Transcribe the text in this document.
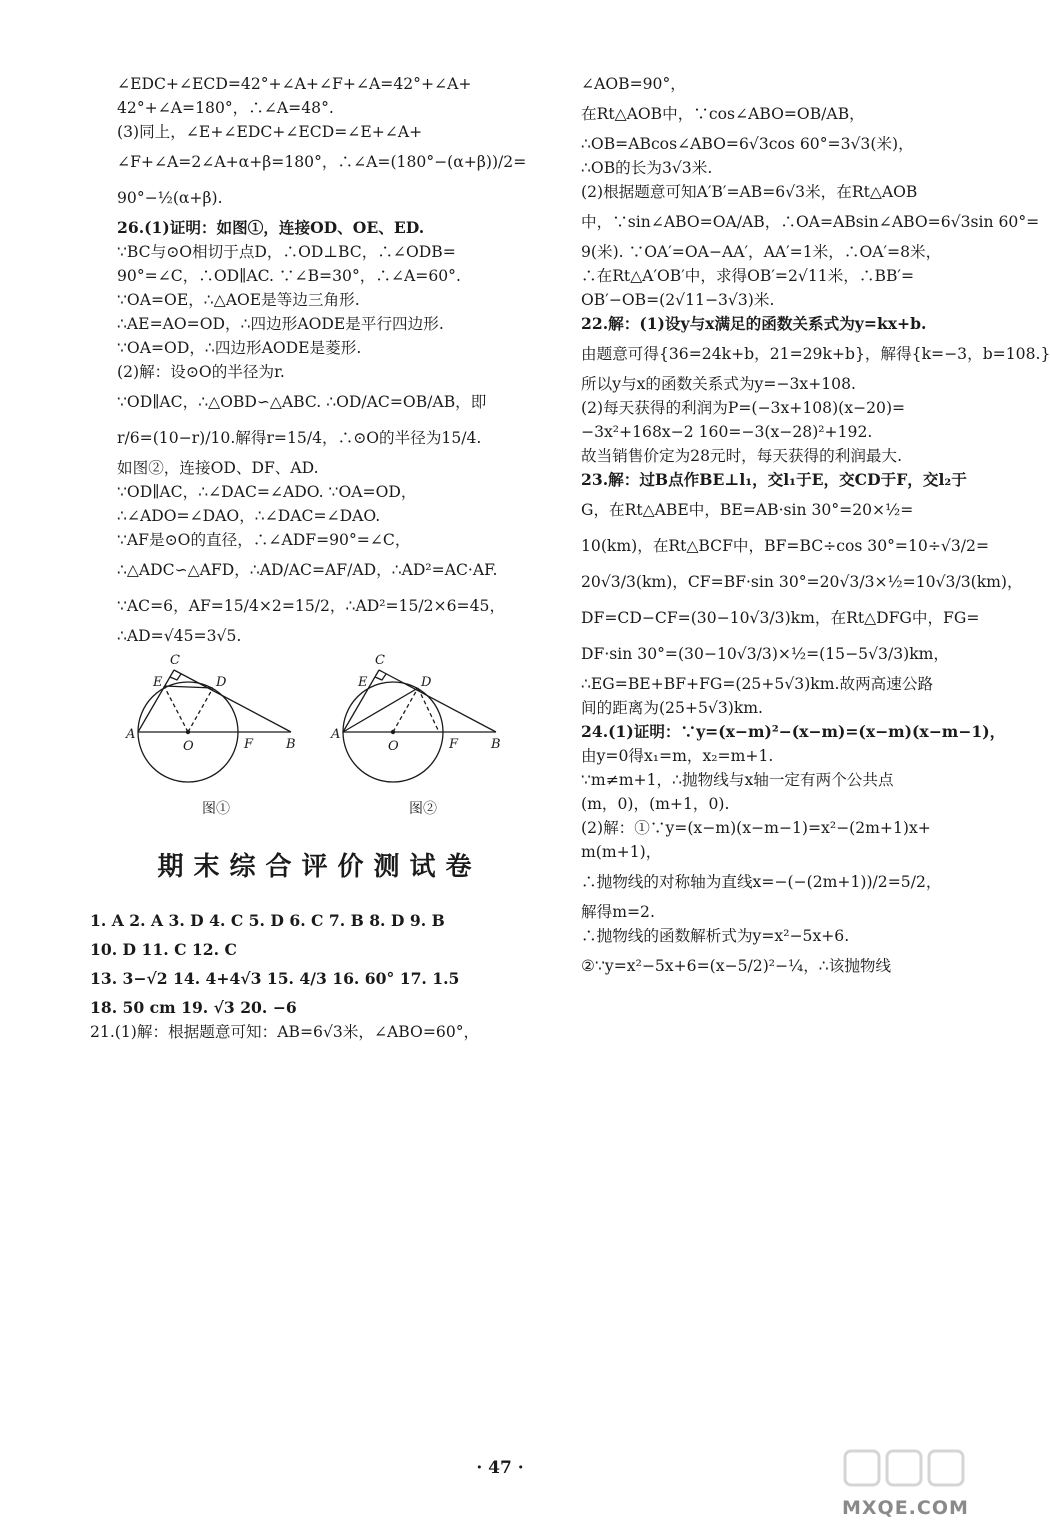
∠EDC+∠ECD=42°+∠A+∠F+∠A=42°+∠A+

42°+∠A=180°，∴∠A=48°.

(3)同上，∠E+∠EDC+∠ECD=∠E+∠A+

∠F+∠A=2∠A+α+β=180°，∴∠A=(180°−(α+β))/2=

90°−½(α+β).

26.(1)证明：如图①，连接OD、OE、ED.

∵BC与⊙O相切于点D，∴OD⊥BC，∴∠ODB=

90°=∠C，∴OD∥AC. ∵∠B=30°，∴∠A=60°.

∵OA=OE，∴△AOE是等边三角形.

∴AE=AO=OD，∴四边形AODE是平行四边形.

∵OA=OD，∴四边形AODE是菱形.

(2)解：设⊙O的半径为r.

∵OD∥AC，∴△OBD∽△ABC. ∴OD/AC=OB/AB，即

r/6=(10−r)/10.解得r=15/4，∴⊙O的半径为15/4.

如图②，连接OD、DF、AD.

∵OD∥AC，∴∠DAC=∠ADO. ∵OA=OD，

∴∠ADO=∠DAO，∴∠DAC=∠DAO.

∵AF是⊙O的直径，∴∠ADF=90°=∠C，

∴△ADC∽△AFD，∴AD/AC=AF/AD，∴AD²=AC·AF.

∵AC=6，AF=15/4×2=15/2，∴AD²=15/2×6=45，

∴AD=√45=3√5.

C
E	D
A
O	F	B
图①
C
E	D
A
O	F	B
图②
期末综合评价测试卷

1. A 2. A 3. D 4. C 5. D 6. C 7. B 8. D 9. B

10. D 11. C 12. C

13. 3−√2 14. 4+4√3 15. 4/3 16. 60° 17. 1.5

18. 50 cm 19. √3 20. −6

21.(1)解：根据题意可知：AB=6√3米，∠ABO=60°，

∠AOB=90°，

在Rt△AOB中，∵cos∠ABO=OB/AB，

∴OB=ABcos∠ABO=6√3cos 60°=3√3(米)，

∴OB的长为3√3米.

(2)根据题意可知A′B′=AB=6√3米，在Rt△AOB

中，∵sin∠ABO=OA/AB，∴OA=ABsin∠ABO=6√3sin 60°=

9(米). ∵OA′=OA−AA′，AA′=1米，∴OA′=8米，

∴在Rt△A′OB′中，求得OB′=2√11米，∴BB′=

OB′−OB=(2√11−3√3)米.

22.解：(1)设y与x满足的函数关系式为y=kx+b.

由题意可得{36=24k+b，21=29k+b}，解得{k=−3，b=108.}

所以y与x的函数关系式为y=−3x+108.

(2)每天获得的利润为P=(−3x+108)(x−20)=

−3x²+168x−2 160=−3(x−28)²+192.

故当销售价定为28元时，每天获得的利润最大.

23.解：过B点作BE⊥l₁，交l₁于E，交CD于F，交l₂于

G，在Rt△ABE中，BE=AB·sin 30°=20×½=

10(km)，在Rt△BCF中，BF=BC÷cos 30°=10÷√3/2=

20√3/3(km)，CF=BF·sin 30°=20√3/3×½=10√3/3(km)，

DF=CD−CF=(30−10√3/3)km，在Rt△DFG中，FG=

DF·sin 30°=(30−10√3/3)×½=(15−5√3/3)km，

∴EG=BE+BF+FG=(25+5√3)km.故两高速公路

间的距离为(25+5√3)km.

24.(1)证明：∵y=(x−m)²−(x−m)=(x−m)(x−m−1)，

由y=0得x₁=m，x₂=m+1.

∵m≠m+1，∴抛物线与x轴一定有两个公共点

(m，0)，(m+1，0).

(2)解：①∵y=(x−m)(x−m−1)=x²−(2m+1)x+

m(m+1)，

∴抛物线的对称轴为直线x=−(−(2m+1))/2=5/2，

解得m=2.

∴抛物线的函数解析式为y=x²−5x+6.

②∵y=x²−5x+6=(x−5/2)²−¼，∴该抛物线

· 47 ·
MXQE.COM
